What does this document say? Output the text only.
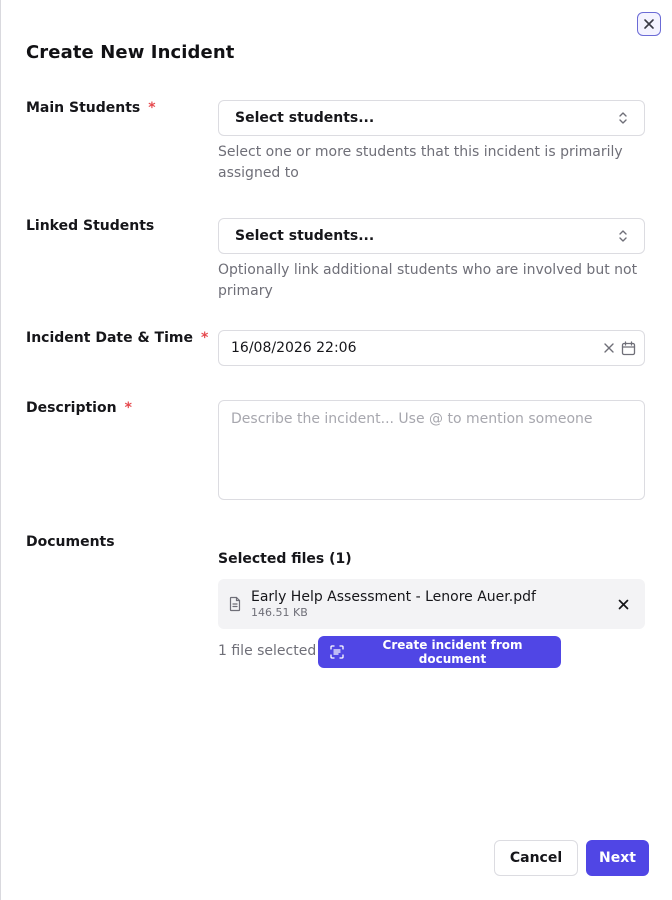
Create New Incident
Main Students *
Select students...
Select one or more students that this incident is primarily assigned to
Linked Students
Select students...
Optionally link additional students who are involved but not primary
Incident Date & Time *
16/08/2026 22:06
Description *
Describe the incident... Use @ to mention someone
Documents
Selected files (1)
Early Help Assessment - Lenore Auer.pdf
146.51 KB
1 file selected	Create incident from document
Cancel	Next
